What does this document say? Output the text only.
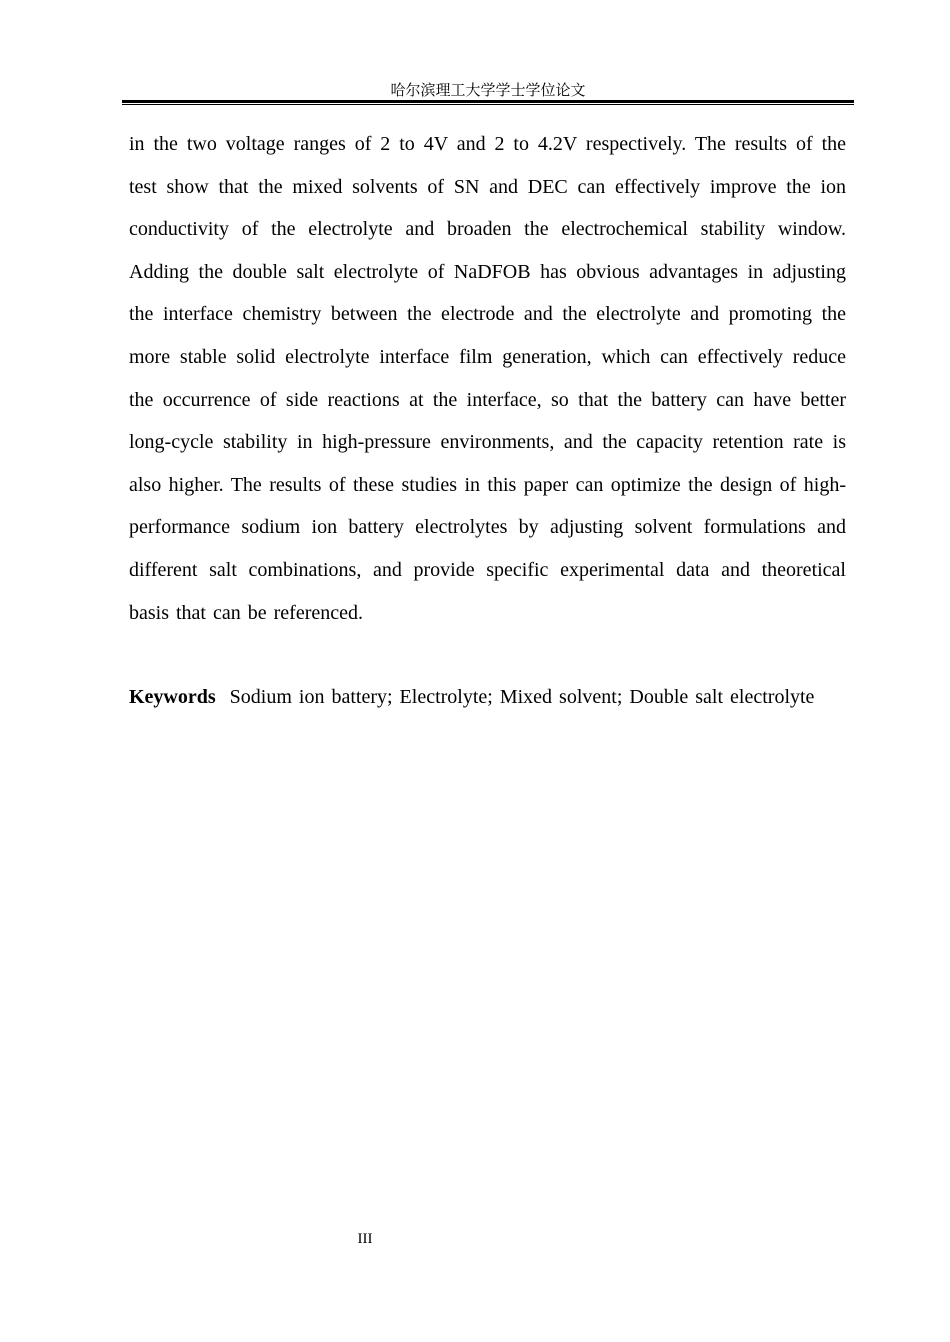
哈尔滨理工大学学士学位论文

in the two voltage ranges of 2 to 4V and 2 to 4.2V respectively. The results of the test show that the mixed solvents of SN and DEC can effectively improve the ion conductivity of the electrolyte and broaden the electrochemical stability window. Adding the double salt electrolyte of NaDFOB has obvious advantages in adjusting the interface chemistry between the electrode and the electrolyte and promoting the more stable solid electrolyte interface film generation, which can effectively reduce the occurrence of side reactions at the interface, so that the battery can have better long-cycle stability in high-pressure environments, and the capacity retention rate is also higher. The results of these studies in this paper can optimize the design of high-performance sodium ion battery electrolytes by adjusting solvent formulations and different salt combinations, and provide specific experimental data and theoretical basis that can be referenced.

Keywords Sodium ion battery; Electrolyte; Mixed solvent; Double salt electrolyte

III
